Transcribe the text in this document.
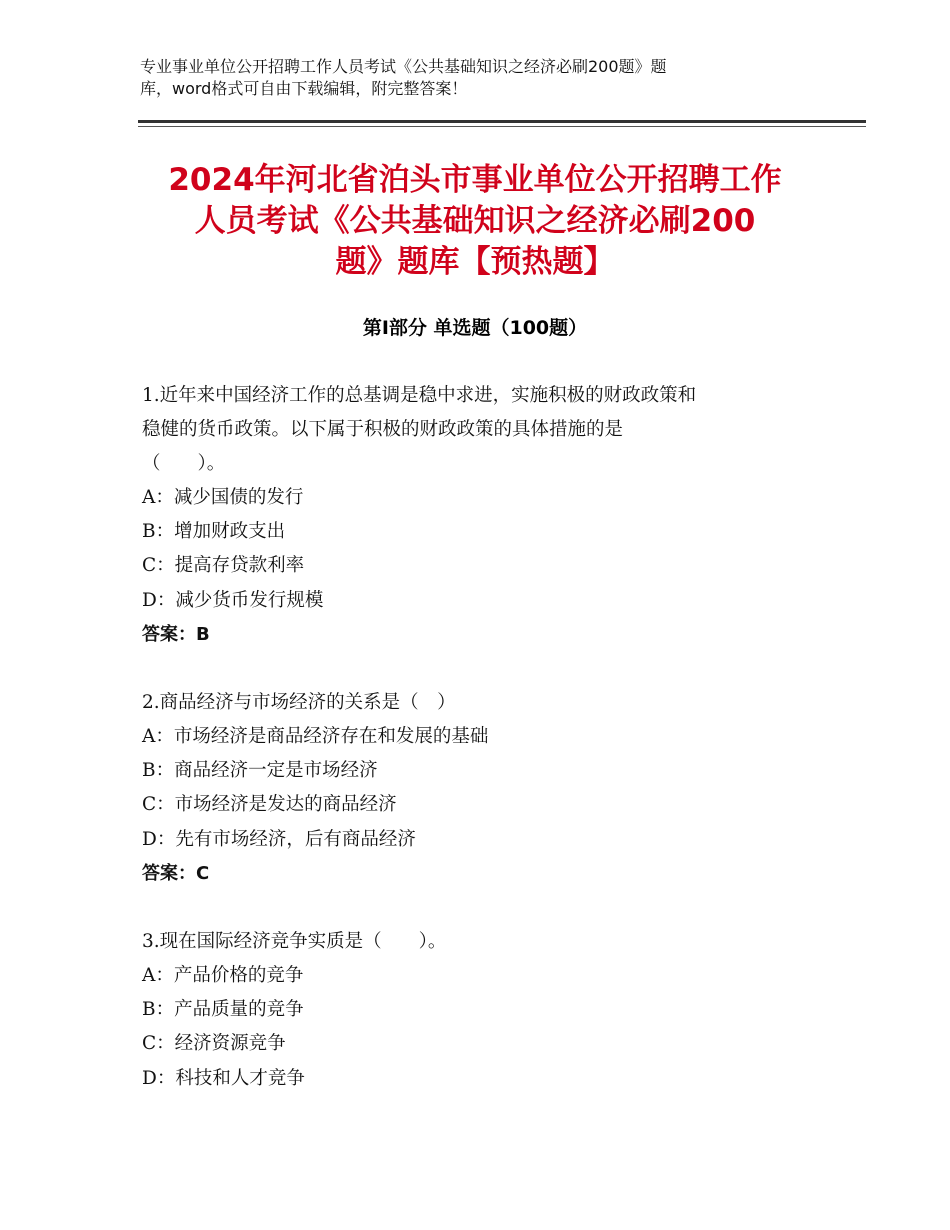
专业事业单位公开招聘工作人员考试《公共基础知识之经济必刷200题》题
库，word格式可自由下载编辑，附完整答案！
2024年河北省泊头市事业单位公开招聘工作
人员考试《公共基础知识之经济必刷200
题》题库【预热题】
第Ⅰ部分 单选题（100题）
1.近年来中国经济工作的总基调是稳中求进，实施积极的财政政策和
稳健的货币政策。以下属于积极的财政政策的具体措施的是
（　　）。
A：减少国债的发行
B：增加财政支出
C：提高存贷款利率
D：减少货币发行规模
答案：B
2.商品经济与市场经济的关系是（　）
A：市场经济是商品经济存在和发展的基础
B：商品经济一定是市场经济
C：市场经济是发达的商品经济
D：先有市场经济，后有商品经济
答案：C
3.现在国际经济竞争实质是（　　）。
A：产品价格的竞争
B：产品质量的竞争
C：经济资源竞争
D：科技和人才竞争
